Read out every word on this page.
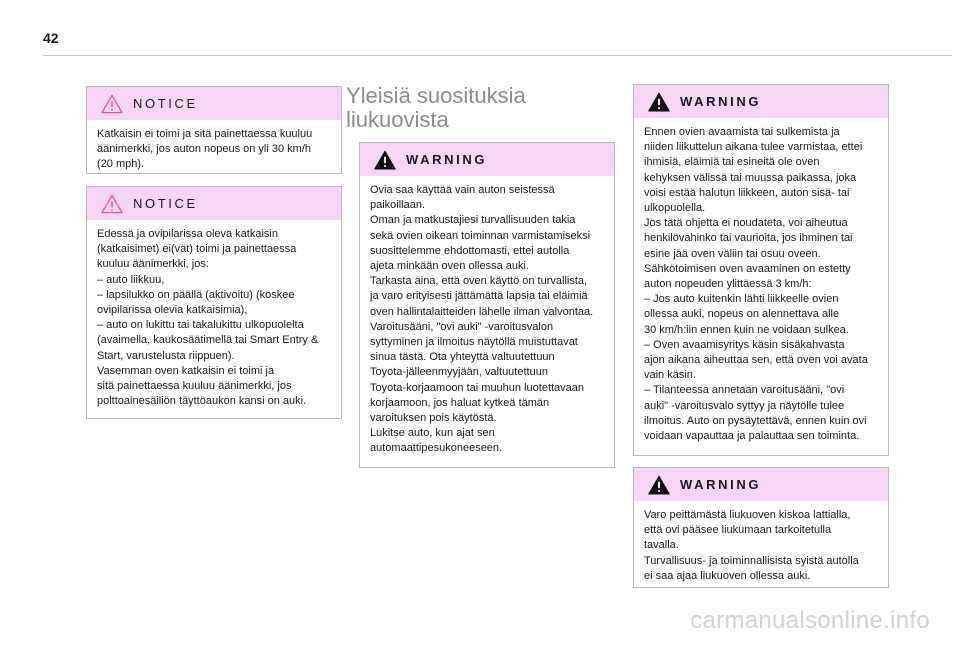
42
NOTICE

Katkaisin ei toimi ja sitä painettaessa kuuluu

äänimerkki, jos auton nopeus on yli 30 km/h

(20 mph).

NOTICE

Edessä ja ovipilarissa oleva katkaisin

(katkaisimet) ei(vät) toimi ja painettaessa

kuuluu äänimerkki, jos:

– auto liikkuu,

– lapsilukko on päällä (aktivoitu) (koskee

ovipilarissa olevia katkaisimia),

– auto on lukittu tai takalukittu ulkopuolelta

(avaimella, kaukosäätimellä tai Smart Entry &

Start, varustelusta riippuen).

Vasemman oven katkaisin ei toimi ja

sitä painettaessa kuuluu äänimerkki, jos

polttoainesäiliön täyttöaukon kansi on auki.

Yleisiä suosituksia liukuovista
WARNING

Ovia saa käyttää vain auton seistessä

paikoillaan.

Oman ja matkustajiesi turvallisuuden takia

sekä ovien oikean toiminnan varmistamiseksi

suosittelemme ehdottomasti, ettei autolla

ajeta minkään oven ollessa auki.

Tarkasta aina, että oven käyttö on turvallista,

ja varo erityisesti jättämättä lapsia tai eläimiä

oven hallintalaitteiden lähelle ilman valvontaa.

Varoitusääni, "ovi auki" -varoitusvalon

syttyminen ja ilmoitus näytöllä muistuttavat

sinua tästä. Ota yhteyttä valtuutettuun

Toyota-jälleenmyyjään, valtuutettuun

Toyota-korjaamoon tai muuhun luotettavaan

korjaamoon, jos haluat kytkeä tämän

varoituksen pois käytöstä.

Lukitse auto, kun ajat sen

automaattipesukoneeseen.

WARNING

Ennen ovien avaamista tai sulkemista ja

niiden liikuttelun aikana tulee varmistaa, ettei

ihmisiä, eläimiä tai esineitä ole oven

kehyksen välissä tai muussa paikassa, joka

voisi estää halutun liikkeen, auton sisä- tai

ulkopuolella.

Jos tätä ohjetta ei noudateta, voi aiheutua

henkilövahinko tai vaurioita, jos ihminen tai

esine jää oven väliin tai osuu oveen.

Sähkötoimisen oven avaaminen on estetty

auton nopeuden ylittäessä 3 km/h:

– Jos auto kuitenkin lähti liikkeelle ovien

ollessa auki, nopeus on alennettava alle

30 km/h:iin ennen kuin ne voidaan sulkea.

– Oven avaamisyritys käsin sisäkahvasta

ajon aikana aiheuttaa sen, että oven voi avata

vain käsin.

– Tilanteessa annetaan varoitusääni, "ovi

auki" -varoitusvalo syttyy ja näytölle tulee

ilmoitus. Auto on pysäytettävä, ennen kuin ovi

voidaan vapauttaa ja palauttaa sen toiminta.

WARNING

Varo peittämästä liukuoven kiskoa lattialla,

että ovi pääsee liukumaan tarkoitetulla

tavalla.

Turvallisuus- ja toiminnallisista syistä autolla

ei saa ajaa liukuoven ollessa auki.

carmanualsonline.info
